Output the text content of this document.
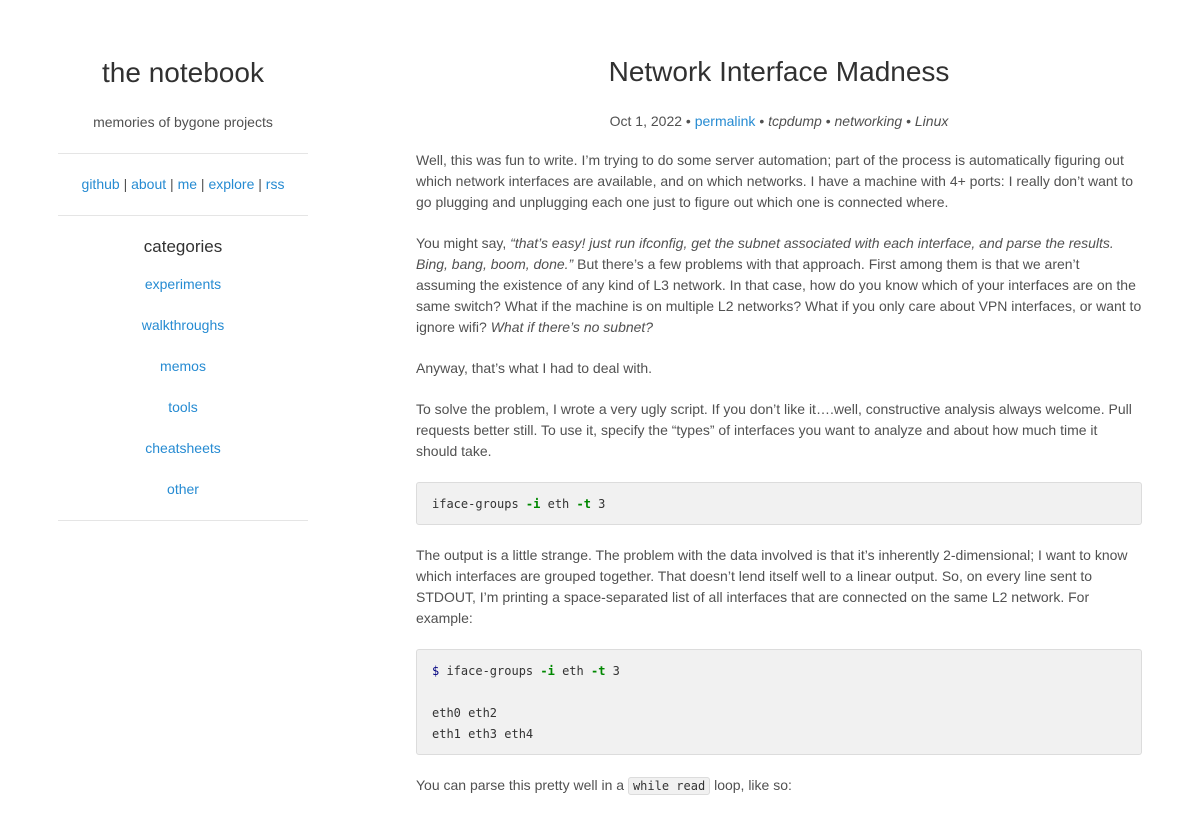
the notebook
memories of bygone projects
github | about | me | explore | rss
categories
experiments
walkthroughs
memos
tools
cheatsheets
other
Network Interface Madness
Oct 1, 2022 • permalink • tcpdump • networking • Linux

Well, this was fun to write. I’m trying to do some server automation; part of the process is automatically figuring out which network interfaces are available, and on which networks. I have a machine with 4+ ports: I really don’t want to go plugging and unplugging each one just to figure out which one is connected where.

You might say, “that’s easy! just run ifconfig, get the subnet associated with each interface, and parse the results. Bing, bang, boom, done.” But there’s a few problems with that approach. First among them is that we aren’t assuming the existence of any kind of L3 network. In that case, how do you know which of your interfaces are on the same switch? What if the machine is on multiple L2 networks? What if you only care about VPN interfaces, or want to ignore wifi? What if there’s no subnet?

Anyway, that’s what I had to deal with.

To solve the problem, I wrote a very ugly script. If you don’t like it….well, constructive analysis always welcome. Pull requests better still. To use it, specify the “types” of interfaces you want to analyze and about how much time it should take.

iface-groups -i eth -t 3

The output is a little strange. The problem with the data involved is that it’s inherently 2-dimensional; I want to know which interfaces are grouped together. That doesn’t lend itself well to a linear output. So, on every line sent to STDOUT, I’m printing a space-separated list of all interfaces that are connected on the same L2 network. For example:

$ iface-groups -i eth -t 3

eth0 eth2
eth1 eth3 eth4

You can parse this pretty well in a while read loop, like so:
